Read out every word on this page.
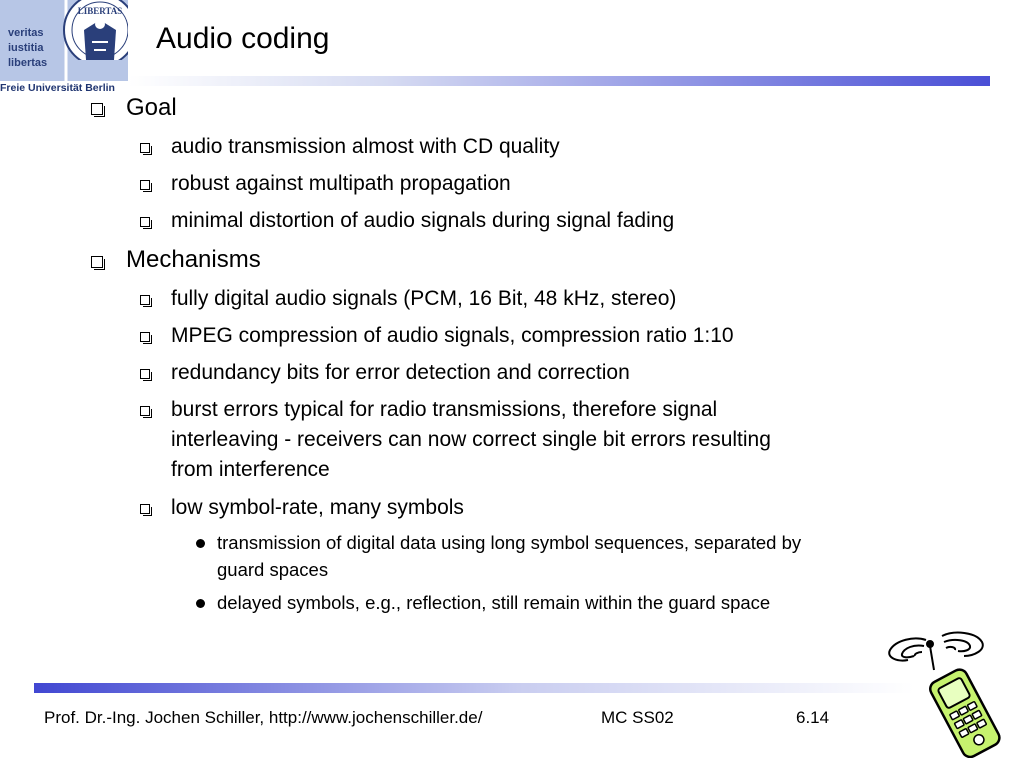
veritas
iustitia
libertas
LIBERTAS
Freie Universität Berlin
Audio coding
Goal
audio transmission almost with CD quality
robust against multipath propagation
minimal distortion of audio signals during signal fading
Mechanisms
fully digital audio signals (PCM, 16 Bit, 48 kHz, stereo)
MPEG compression of audio signals, compression ratio 1:10
redundancy bits for error detection and correction
burst errors typical for radio transmissions, therefore signal
interleaving - receivers can now correct single bit errors resulting
from interference
low symbol-rate, many symbols
transmission of digital data using long symbol sequences, separated by
guard spaces
delayed symbols, e.g., reflection, still remain within the guard space
Prof. Dr.-Ing. Jochen Schiller, http://www.jochenschiller.de/	MC SS02	6.14
